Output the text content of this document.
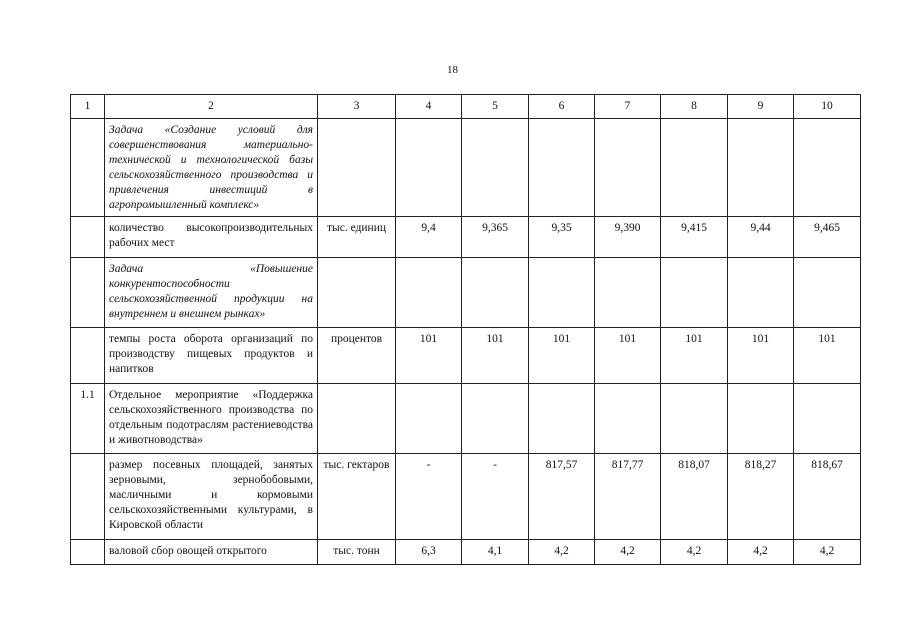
18
1	2	3	4	5	6	7	8	9	10
	Задача «Создание условий для совершенствования материально-технической и технологической базы сельскохозяйственного производства и привлечения инвестиций в агропромышленный комплекс»								
	количество высокопроизводительных рабочих мест	тыс. единиц	9,4	9,365	9,35	9,390	9,415	9,44	9,465
	Задача «Повышение конкурентоспособности сельскохозяйственной продукции на внутреннем и внешнем рынках»								
	темпы роста оборота организаций по производству пищевых продуктов и напитков	процентов	101	101	101	101	101	101	101
1.1	Отдельное мероприятие «Поддержка сельскохозяйственного производства по отдельным подотраслям растениеводства и животноводства»								
	размер посевных площадей, занятых зерновыми, зернобобовыми, масличными и кормовыми сельскохозяйственными культурами, в Кировской области	тыс. гектаров	-	-	817,57	817,77	818,07	818,27	818,67
	валовой сбор овощей открытого	тыс. тонн	6,3	4,1	4,2	4,2	4,2	4,2	4,2
